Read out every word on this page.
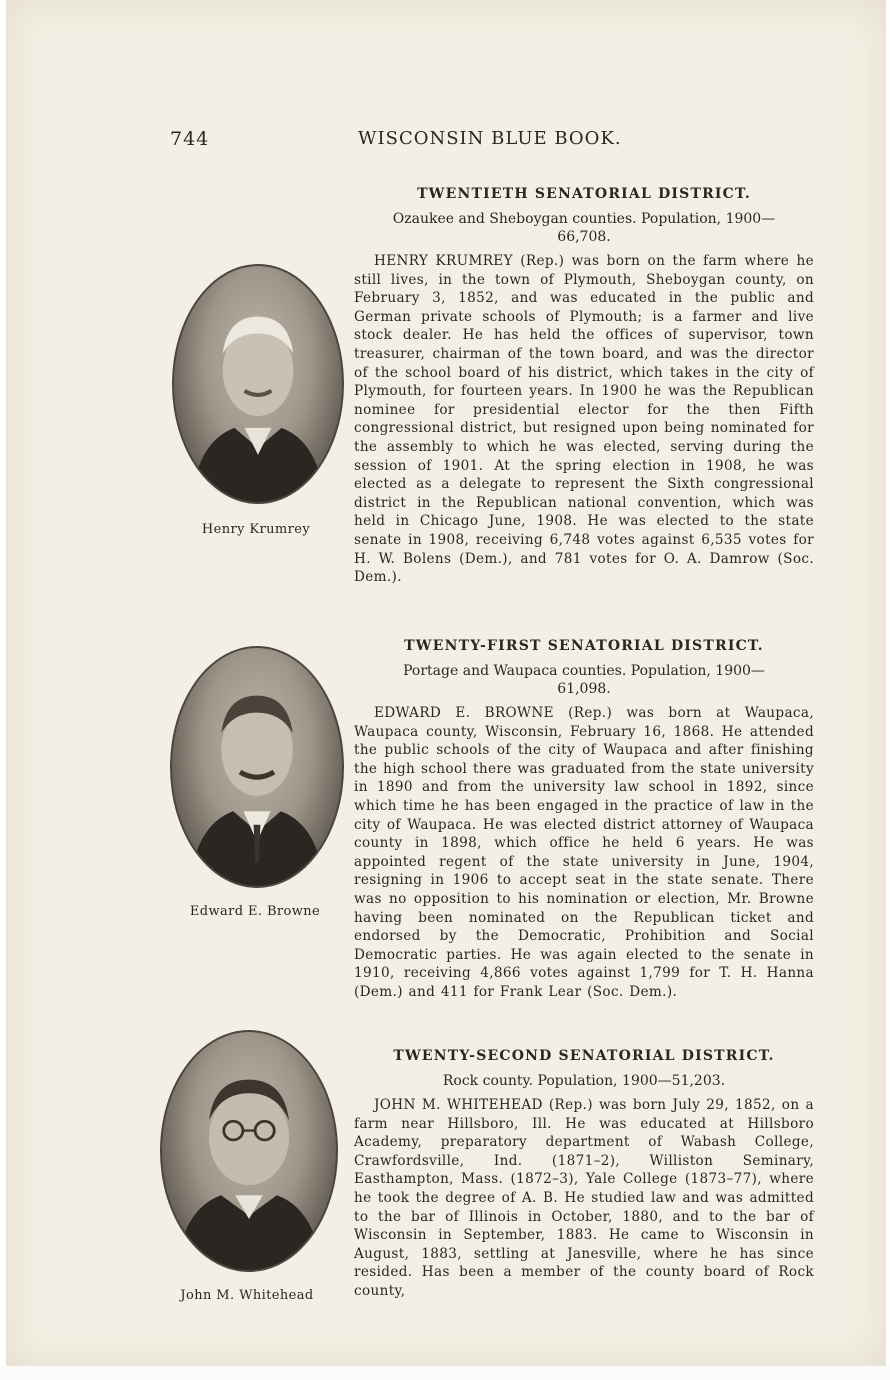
744	WISCONSIN BLUE BOOK.
TWENTIETH SENATORIAL DISTRICT.

Ozaukee and Sheboygan counties. Population, 1900—
66,708.

HENRY KRUMREY (Rep.) was born on the farm where he still lives, in the town of Plymouth, Sheboygan county, on February 3, 1852, and was educated in the public and German private schools of Plymouth; is a farmer and live stock dealer. He has held the offices of supervisor, town treasurer, chairman of the town board, and was the director of the school board of his district, which takes in the city of Plymouth, for fourteen years. In 1900 he was the Republican nominee for presidential elector for the then Fifth congressional district, but resigned upon being nominated for the assembly to which he was elected, serving during the session of 1901. At the spring election in 1908, he was elected as a delegate to represent the Sixth congressional district in the Republican national convention, which was held in Chicago June, 1908. He was elected to the state senate in 1908, receiving 6,748 votes against 6,535 votes for H. W. Bolens (Dem.), and 781 votes for O. A. Damrow (Soc. Dem.).

Henry Krumrey
TWENTY-FIRST SENATORIAL DISTRICT.

Portage and Waupaca counties. Population, 1900—
61,098.

EDWARD E. BROWNE (Rep.) was born at Waupaca, Waupaca county, Wisconsin, February 16, 1868. He attended the public schools of the city of Waupaca and after finishing the high school there was graduated from the state university in 1890 and from the university law school in 1892, since which time he has been engaged in the practice of law in the city of Waupaca. He was elected district attorney of Waupaca county in 1898, which office he held 6 years. He was appointed regent of the state university in June, 1904, resigning in 1906 to accept seat in the state senate. There was no opposition to his nomination or election, Mr. Browne having been nominated on the Republican ticket and endorsed by the Democratic, Prohibition and Social Democratic parties. He was again elected to the senate in 1910, receiving 4,866 votes against 1,799 for T. H. Hanna (Dem.) and 411 for Frank Lear (Soc. Dem.).

Edward E. Browne
TWENTY-SECOND SENATORIAL DISTRICT.

Rock county. Population, 1900—51,203.

JOHN M. WHITEHEAD (Rep.) was born July 29, 1852, on a farm near Hillsboro, Ill. He was educated at Hillsboro Academy, preparatory department of Wabash College, Crawfordsville, Ind. (1871–2), Williston Seminary, Easthampton, Mass. (1872–3), Yale College (1873–77), where he took the degree of A. B. He studied law and was admitted to the bar of Illinois in October, 1880, and to the bar of Wisconsin in September, 1883. He came to Wisconsin in August, 1883, settling at Janesville, where he has since resided. Has been a member of the county board of Rock county,

John M. Whitehead
